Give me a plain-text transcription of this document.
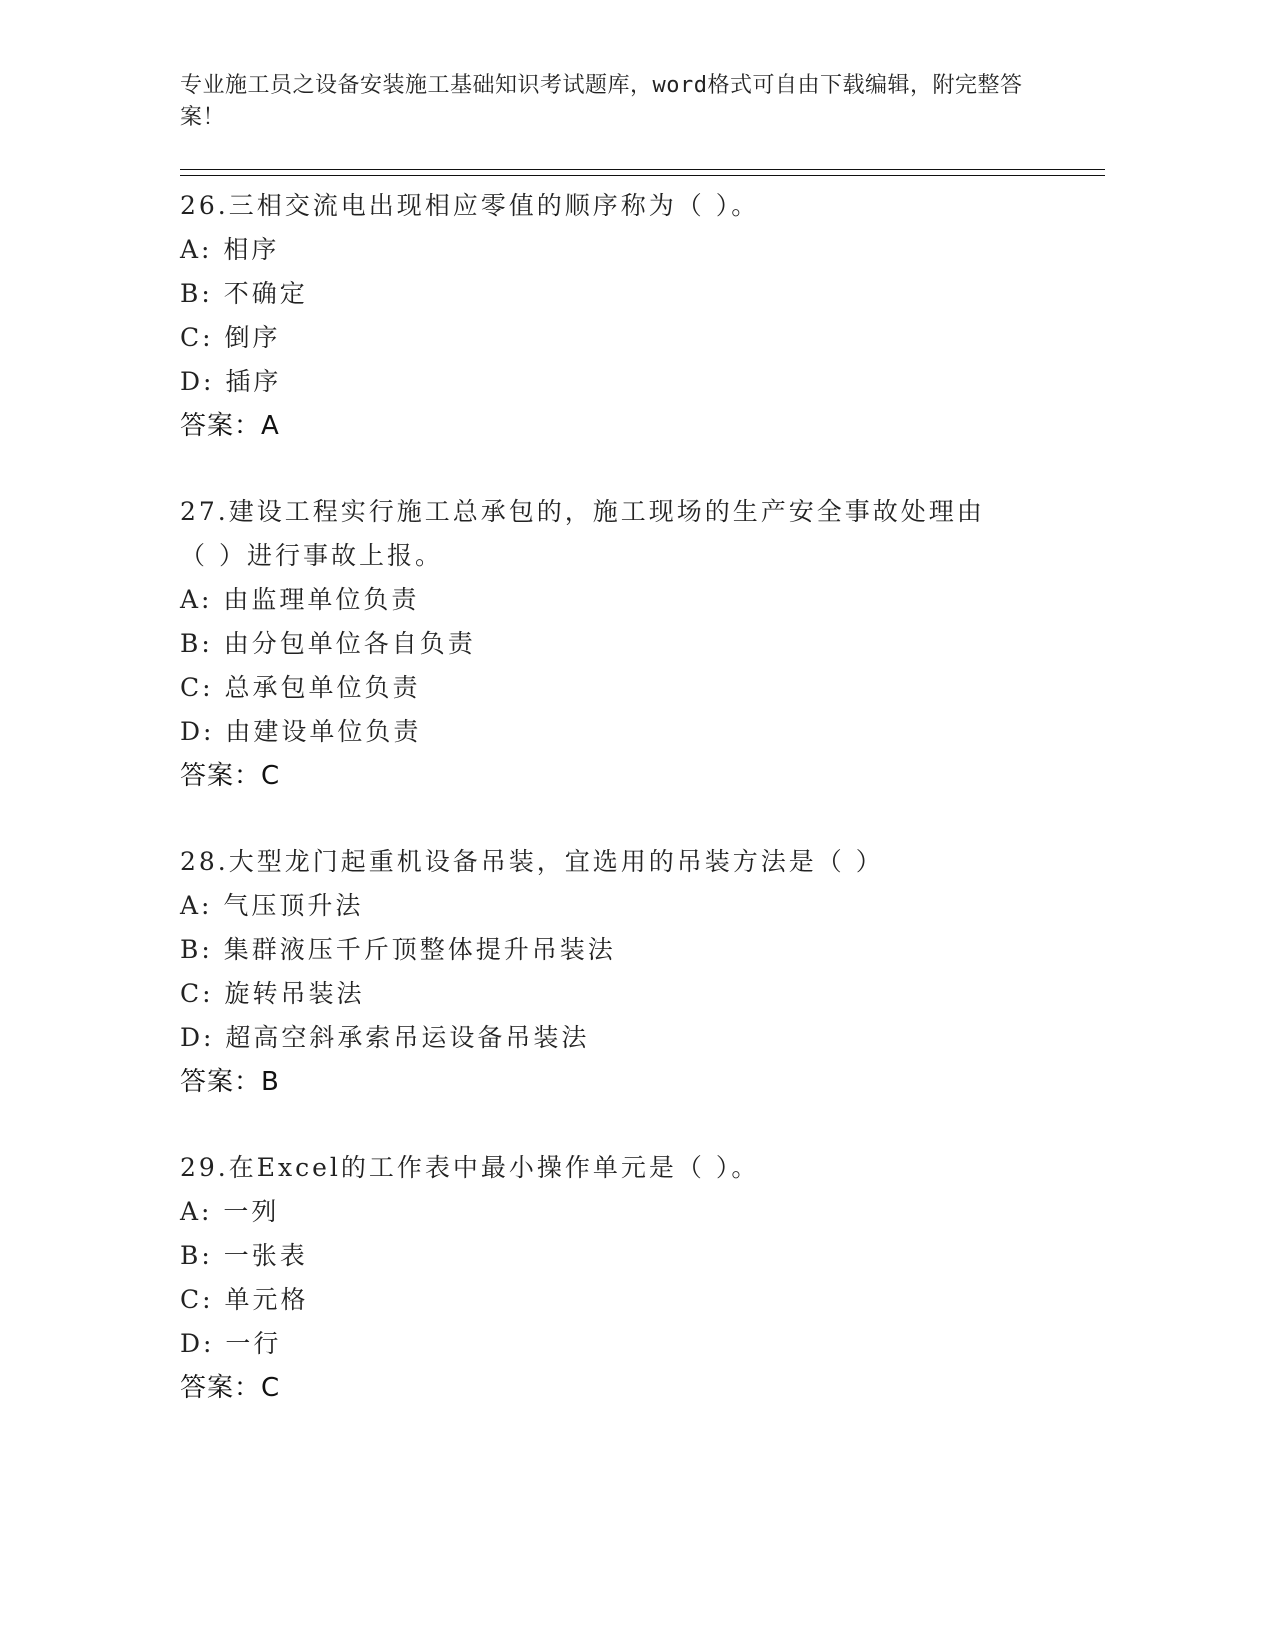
专业施工员之设备安装施工基础知识考试题库，word格式可自由下载编辑，附完整答案！

26.三相交流电出现相应零值的顺序称为（ ）。

A: 相序

B: 不确定

C: 倒序

D: 插序

答案：A

27.建设工程实行施工总承包的，施工现场的生产安全事故处理由（ ）进行事故上报。

A: 由监理单位负责

B: 由分包单位各自负责

C: 总承包单位负责

D: 由建设单位负责

答案：C

28.大型龙门起重机设备吊装，宜选用的吊装方法是（ ）

A: 气压顶升法

B: 集群液压千斤顶整体提升吊装法

C: 旋转吊装法

D: 超高空斜承索吊运设备吊装法

答案：B

29.在Excel的工作表中最小操作单元是（ ）。

A: 一列

B: 一张表

C: 单元格

D: 一行

答案：C
